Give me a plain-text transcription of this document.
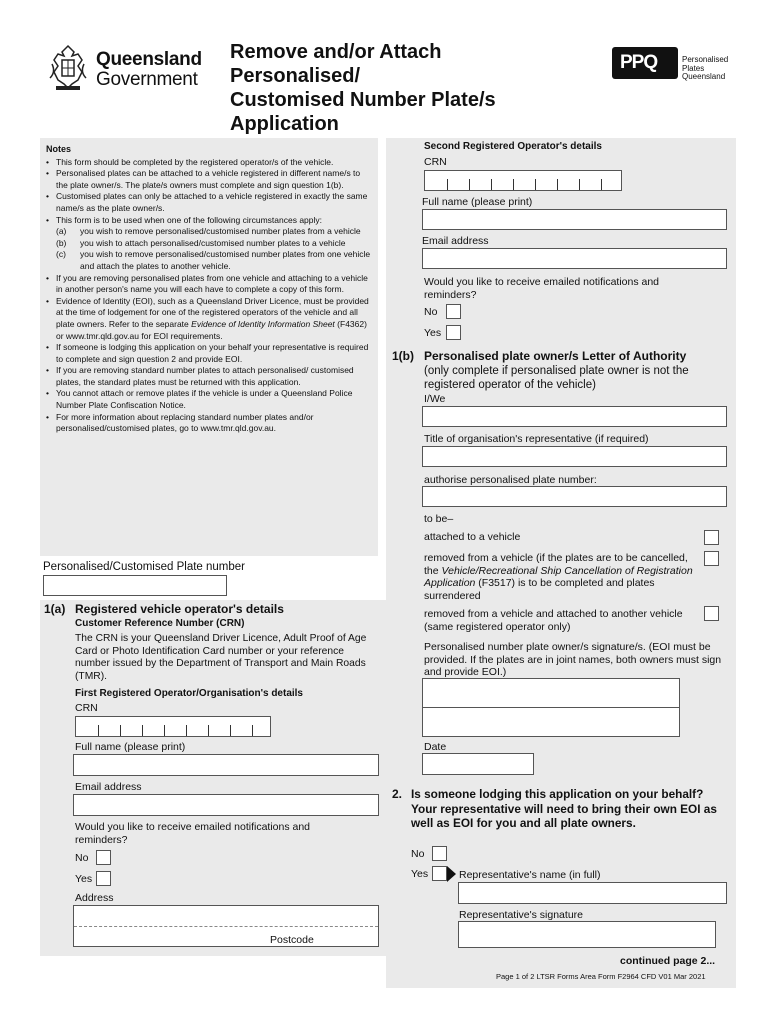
Queensland
Government
Remove and/or Attach
Personalised/
Customised Number Plate/s
Application
PPQ	Personalised
Plates
Queensland
Notes
• This form should be completed by the registered operator/s of the vehicle.
• Personalised plates can be attached to a vehicle registered in different name/s to the plate owner/s. The plate/s owners must complete and sign question 1(b).
• Customised plates can only be attached to a vehicle registered in exactly the same name/s as the plate owner/s.
• This form is to be used when one of the following circumstances apply:
(a) you wish to remove personalised/customised number plates from a vehicle
(b) you wish to attach personalised/customised number plates to a vehicle
(c) you wish to remove personalised/customised number plates from one vehicle and attach the plates to another vehicle.
• If you are removing personalised plates from one vehicle and attaching to a vehicle in another person's name you will each have to complete a copy of this form.
• Evidence of Identity (EOI), such as a Queensland Driver Licence, must be provided at the time of lodgement for one of the registered operators of the vehicle and all plate owners. Refer to the separate Evidence of Identity Information Sheet (F4362) or www.tmr.qld.gov.au for EOI requirements.
• If someone is lodging this application on your behalf your representative is required to complete and sign question 2 and provide EOI.
• If you are removing standard number plates to attach personalised/ customised plates, the standard plates must be returned with this application.
• You cannot attach or remove plates if the vehicle is under a Queensland Police Number Plate Confiscation Notice.
• For more information about replacing standard number plates and/or personalised/customised plates, go to www.tmr.qld.gov.au.
Personalised/Customised Plate number
1(a) Registered vehicle operator's details
Customer Reference Number (CRN)
The CRN is your Queensland Driver Licence, Adult Proof of Age Card or Photo Identification Card number or your reference number issued by the Department of Transport and Main Roads (TMR).
First Registered Operator/Organisation's details
CRN
Full name (please print)
Email address
Would you like to receive emailed notifications and reminders?
No
Yes
Address
Postcode
Second Registered Operator's details
CRN
Full name (please print)
Email address
Would you like to receive emailed notifications and reminders?
No
Yes
1(b) Personalised plate owner/s Letter of Authority
(only complete if personalised plate owner is not the registered operator of the vehicle)
I/We
Title of organisation's representative (if required)
authorise personalised plate number:
to be–
attached to a vehicle
removed from a vehicle (if the plates are to be cancelled, the Vehicle/Recreational Ship Cancellation of Registration Application (F3517) is to be completed and plates surrendered
removed from a vehicle and attached to another vehicle (same registered operator only)
Personalised number plate owner/s signature/s. (EOI must be provided. If the plates are in joint names, both owners must sign and provide EOI.)
Date
2. Is someone lodging this application on your behalf? Your representative will need to bring their own EOI as well as EOI for you and all plate owners.
No
Yes	Representative's name (in full)
Representative's signature
continued page 2...
Page 1 of 2 LTSR Forms Area Form F2964 CFD V01 Mar 2021
